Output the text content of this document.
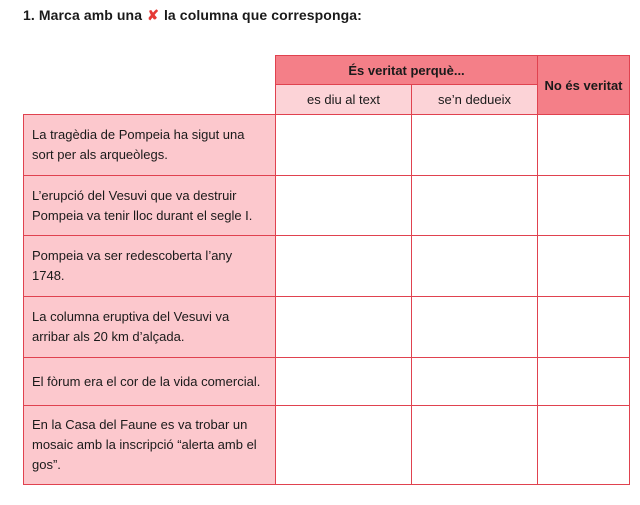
1. Marca amb una ✘ la columna que corresponga:
	És veritat perquè...		No és veritat
	es diu al text	se’n dedueix	
La tragèdia de Pompeia ha sigut una sort per als arqueòlegs.			
L’erupció del Vesuvi que va destruir Pompeia va tenir lloc durant el segle I.			
Pompeia va ser redescoberta l’any 1748.			
La columna eruptiva del Vesuvi va arribar als 20 km d’alçada.			
El fòrum era el cor de la vida comercial.			
En la Casa del Faune es va trobar un mosaic amb la inscripció “alerta amb el gos”.			
